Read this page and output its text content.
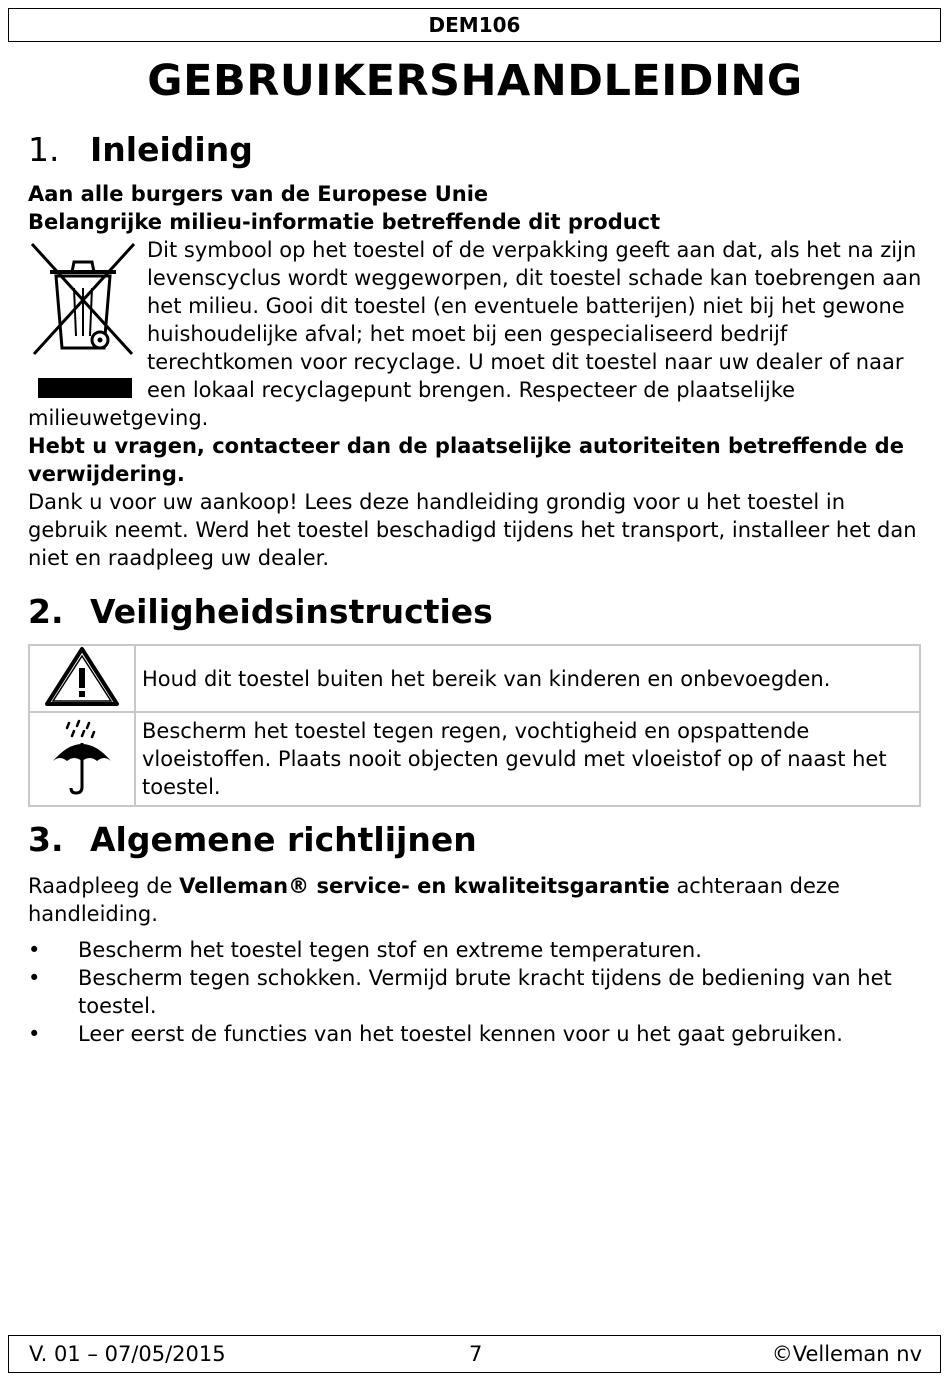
DEM106
GEBRUIKERSHANDLEIDING
1. Inleiding

Aan alle burgers van de Europese Unie

Belangrijke milieu-informatie betreffende dit product

Dit symbool op het toestel of de verpakking geeft aan dat, als het na zijn levenscyclus wordt weggeworpen, dit toestel schade kan toebrengen aan het milieu. Gooi dit toestel (en eventuele batterijen) niet bij het gewone huishoudelijke afval; het moet bij een gespecialiseerd bedrijf terechtkomen voor recyclage. U moet dit toestel naar uw dealer of naar een lokaal recyclagepunt brengen. Respecteer de plaatselijke milieuwetgeving.

Hebt u vragen, contacteer dan de plaatselijke autoriteiten betreffende de verwijdering.

Dank u voor uw aankoop! Lees deze handleiding grondig voor u het toestel in gebruik neemt. Werd het toestel beschadigd tijdens het transport, installeer het dan niet en raadpleeg uw dealer.

2. Veiligheidsinstructies
	Houd dit toestel buiten het bereik van kinderen en onbevoegden.
	Bescherm het toestel tegen regen, vochtigheid en opspattende vloeistoffen. Plaats nooit objecten gevuld met vloeistof op of naast het toestel.
3. Algemene richtlijnen

Raadpleeg de Velleman® service- en kwaliteitsgarantie achteraan deze handleiding.

• Bescherm het toestel tegen stof en extreme temperaturen.
• Bescherm tegen schokken. Vermijd brute kracht tijdens de bediening van het toestel.
• Leer eerst de functies van het toestel kennen voor u het gaat gebruiken.
V. 01 – 07/05/2015	7	©Velleman nv
